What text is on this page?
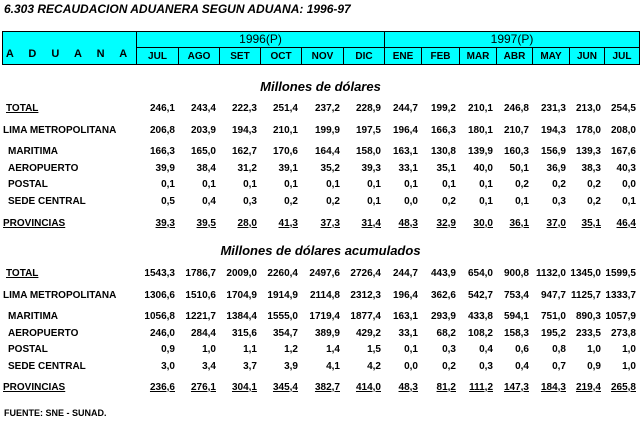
6.303 RECAUDACION ADUANERA SEGUN ADUANA: 1996-97
A D U A N A
1996(P)	1997(P)
JUL	AGO	SET	OCT	NOV	DIC	ENE	FEB	MAR	ABR	MAY	JUN	JUL
Millones de dólares
TOTAL	246,1	243,4	222,3	251,4	237,2	228,9	244,7	199,2	210,1	246,8	231,3 213,0 254,5
LIMA METROPOLITANA	206,8	203,9	194,3	210,1	199,9	197,5	196,4	166,3	180,1	210,7	194,3 178,0 208,0
MARITIMA	166,3	165,0	162,7	170,6	164,4	158,0	163,1	130,8	139,9	160,3	156,9 139,3 167,6
AEROPUERTO	39,9	38,4	31,2	39,1	35,2	39,3	33,1	35,1	40,0	50,1	36,9	38,3	40,3
POSTAL	0,1	0,1	0,1	0,1	0,1	0,1	0,1	0,1	0,1	0,2	0,2	0,2	0,0
SEDE CENTRAL	0,5	0,4	0,3	0,2	0,2	0,1	0,0	0,2	0,1	0,1	0,3	0,2	0,1
PROVINCIAS	39,3	39,5	28,0	41,3	37,3	31,4	48,3	32,9	30,0	36,1	37,0	35,1	46,4
Millones de dólares acumulados
TOTAL	1543,3	1786,7	2009,0	2260,4	2497,6	2726,4	244,7	443,9	654,0	900,8 1132,0 1345,0 1599,5
LIMA METROPOLITANA	1306,6	1510,6	1704,9	1914,9	2114,8	2312,3	196,4	362,6	542,7	753,4	947,7 1125,7 1333,7
MARITIMA	1056,8	1221,7	1384,4	1555,0	1719,4	1877,4	163,1	293,9	433,8	594,1	751,0 890,3 1057,9
AEROPUERTO	246,0	284,4	315,6	354,7	389,9	429,2	33,1	68,2	108,2	158,3	195,2 233,5 273,8
POSTAL	0,9	1,0	1,1	1,2	1,4	1,5	0,1	0,3	0,4	0,6	0,8	1,0	1,0
SEDE CENTRAL	3,0	3,4	3,7	3,9	4,1	4,2	0,0	0,2	0,3	0,4	0,7	0,9	1,0
PROVINCIAS	236,6	276,1	304,1	345,4	382,7	414,0	48,3	81,2	111,2	147,3	184,3 219,4 265,8
FUENTE: SNE - SUNAD.
